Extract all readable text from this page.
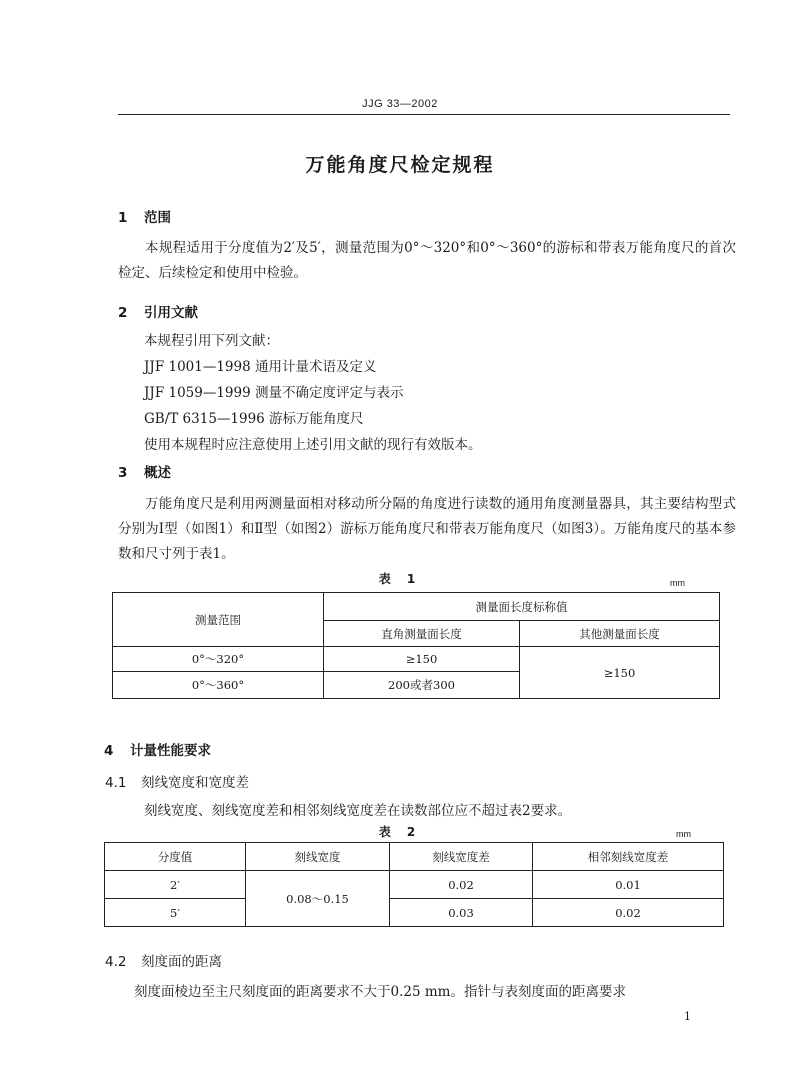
JJG 33—2002
万能角度尺检定规程
1 范围
本规程适用于分度值为2′及5′，测量范围为0°～320°和0°～360°的游标和带表万能角度尺的首次检定、后续检定和使用中检验。
2 引用文献
本规程引用下列文献：
JJF 1001—1998 通用计量术语及定义
JJF 1059—1999 测量不确定度评定与表示
GB/T 6315—1996 游标万能角度尺
使用本规程时应注意使用上述引用文献的现行有效版本。
3 概述
万能角度尺是利用两测量面相对移动所分隔的角度进行读数的通用角度测量器具，其主要结构型式分别为Ⅰ型（如图1）和Ⅱ型（如图2）游标万能角度尺和带表万能角度尺（如图3）。万能角度尺的基本参数和尺寸列于表1。
表 1	mm
测量范围	测量面长度标称值	
	直角测量面长度	其他测量面长度
0°～320°	≥150	≥150
0°～360°	200或者300	
4 计量性能要求
4.1 刻线宽度和宽度差
刻线宽度、刻线宽度差和相邻刻线宽度差在读数部位应不超过表2要求。
表 2	mm
分度值	刻线宽度	刻线宽度差	相邻刻线宽度差
2′	0.08～0.15	0.02	0.01
5′		0.03	0.02
4.2 刻度面的距离
刻度面棱边至主尺刻度面的距离要求不大于0.25 mm。指针与表刻度面的距离要求
1
